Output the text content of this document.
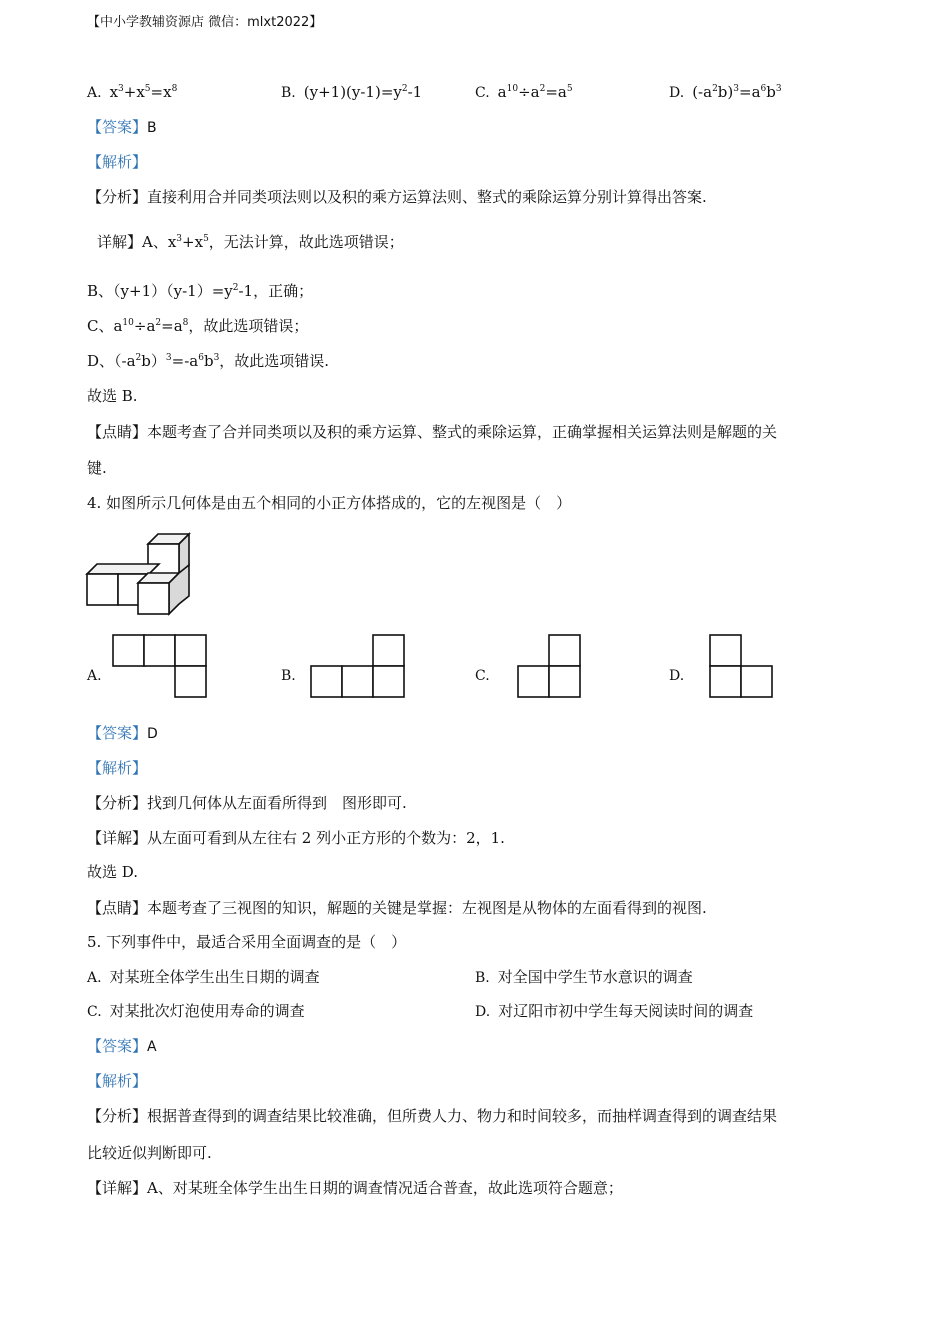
【中小学教辅资源店 微信：mlxt2022】
A. $x^3+x^5=x^8$	B. $(y+1)(y-1)=y^2-1$	C. $a^{10}\div a^2=a^5$	D. $(-a^2b)^3=a^6b^3$
【答案】B
【解析】
【分析】直接利用合并同类项法则以及积的乘方运算法则、整式的乘除运算分别计算得出答案.
详解】A、$x^3+x^5$，无法计算，故此选项错误；
B、$(y+1)(y-1)=y^2-1$，正确；
C、$a^{10}\div a^2=a^8$，故此选项错误；
D、$(-a^2b)^3=-a^6b^3$，故此选项错误.
故选 B.
【点睛】本题考查了合并同类项以及积的乘方运算、整式的乘除运算，正确掌握相关运算法则是解题的关
键.
4. 如图所示几何体是由五个相同的小正方体搭成的，它的左视图是（　）
A.	B.	C.	D.
【答案】D
【解析】
【分析】找到几何体从左面看所得到　图形即可.
【详解】从左面可看到从左往右 2 列小正方形的个数为：2，1.
故选 D.
【点睛】本题考查了三视图的知识，解题的关键是掌握：左视图是从物体的左面看得到的视图.
5. 下列事件中，最适合采用全面调查的是（　）
A. 对某班全体学生出生日期的调查	B. 对全国中学生节水意识的调查
C. 对某批次灯泡使用寿命的调查	D. 对辽阳市初中学生每天阅读时间的调查
【答案】A
【解析】
【分析】根据普查得到的调查结果比较准确，但所费人力、物力和时间较多，而抽样调查得到的调查结果
比较近似判断即可.
【详解】A、对某班全体学生出生日期的调查情况适合普查，故此选项符合题意；
